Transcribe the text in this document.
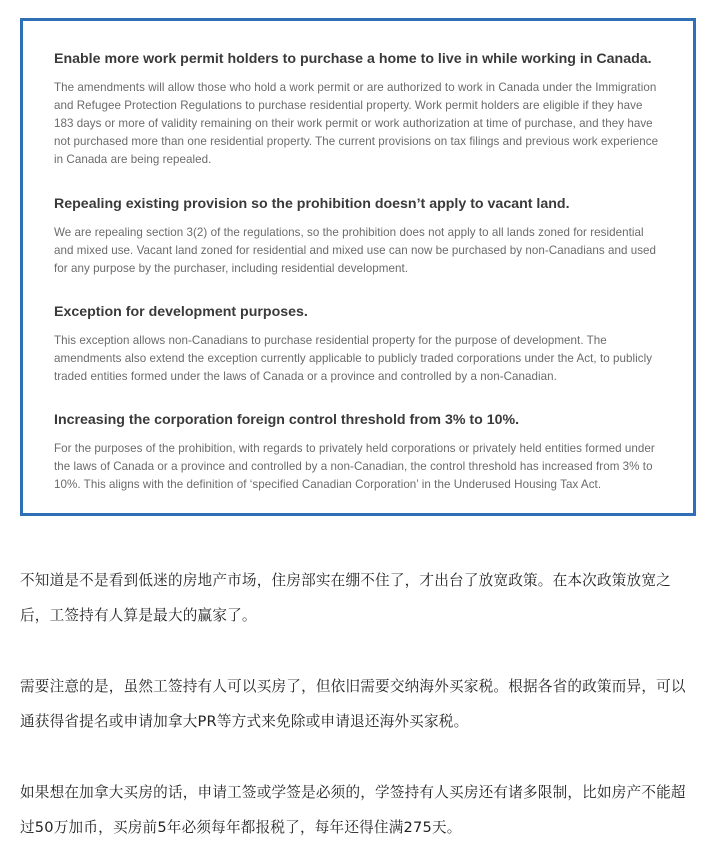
Enable more work permit holders to purchase a home to live in while working in Canada.

The amendments will allow those who hold a work permit or are authorized to work in Canada under the Immigration and Refugee Protection Regulations to purchase residential property. Work permit holders are eligible if they have 183 days or more of validity remaining on their work permit or work authorization at time of purchase, and they have not purchased more than one residential property. The current provisions on tax filings and previous work experience in Canada are being repealed.

Repealing existing provision so the prohibition doesn’t apply to vacant land.

We are repealing section 3(2) of the regulations, so the prohibition does not apply to all lands zoned for residential and mixed use. Vacant land zoned for residential and mixed use can now be purchased by non-Canadians and used for any purpose by the purchaser, including residential development.

Exception for development purposes.

This exception allows non-Canadians to purchase residential property for the purpose of development. The amendments also extend the exception currently applicable to publicly traded corporations under the Act, to publicly traded entities formed under the laws of Canada or a province and controlled by a non-Canadian.

Increasing the corporation foreign control threshold from 3% to 10%.

For the purposes of the prohibition, with regards to privately held corporations or privately held entities formed under the laws of Canada or a province and controlled by a non-Canadian, the control threshold has increased from 3% to 10%. This aligns with the definition of ‘specified Canadian Corporation’ in the Underused Housing Tax Act.

不知道是不是看到低迷的房地产市场，住房部实在绷不住了，才出台了放宽政策。在本次政策放宽之后，工签持有人算是最大的赢家了。

需要注意的是，虽然工签持有人可以买房了，但依旧需要交纳海外买家税。根据各省的政策而异，可以通获得省提名或申请加拿大PR等方式来免除或申请退还海外买家税。

如果想在加拿大买房的话，申请工签或学签是必须的，学签持有人买房还有诸多限制，比如房产不能超过50万加币，买房前5年必须每年都报税了，每年还得住满275天。
